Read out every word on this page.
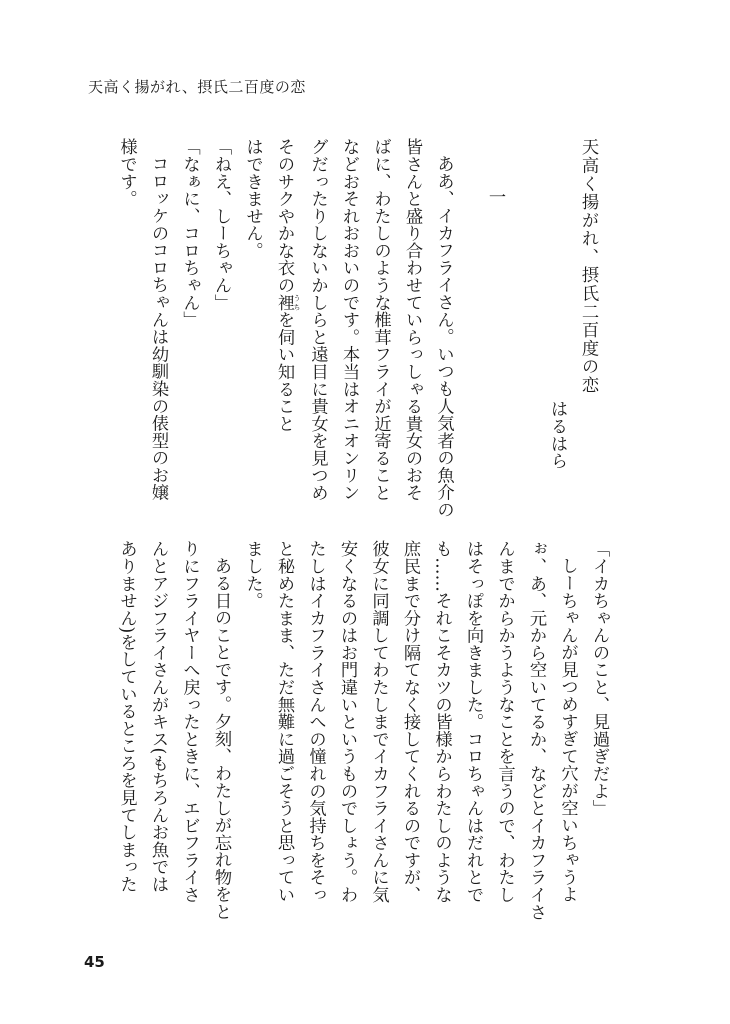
天高く揚がれ、摂氏二百度の恋
天高く揚がれ、摂氏二百度の恋
はるはら
一
ああ、イカフライさん。いつも人気者の魚介の
皆さんと盛り合わせていらっしゃる貴女のおそ
ばに、わたしのような椎茸フライが近寄ること
などおそれおおいのです。本当はオニオンリン
グだったりしないかしらと遠目に貴女を見つめ
そのサクやかな衣の裡 うちを伺い知ること
はできません。
「ねえ、しーちゃん」
「なぁに、コロちゃん」
コロッケのコロちゃんは幼馴染の俵型のお嬢
様です。
「イカちゃんのこと、見過ぎだよ」
しーちゃんが見つめすぎて穴が空いちゃうよ
ぉ、あ、元から空いてるか、などとイカフライさ
んまでからかうようなことを言うので、わたし
はそっぽを向きました。コロちゃんはだれとで
も……それこそカツの皆様からわたしのような
庶民まで分け隔てなく接してくれるのですが、
彼女に同調してわたしまでイカフライさんに気
安くなるのはお門違いというものでしょう。わ
たしはイカフライさんへの憧れの気持ちをそっ
と秘めたまま、ただ無難に過ごそうと思ってい
ました。
ある日のことです。夕刻、わたしが忘れ物をと
りにフライヤーへ戻ったときに、エビフライさ
んとアジフライさんがキス(もちろんお魚では
ありません)をしているところを見てしまった
45
